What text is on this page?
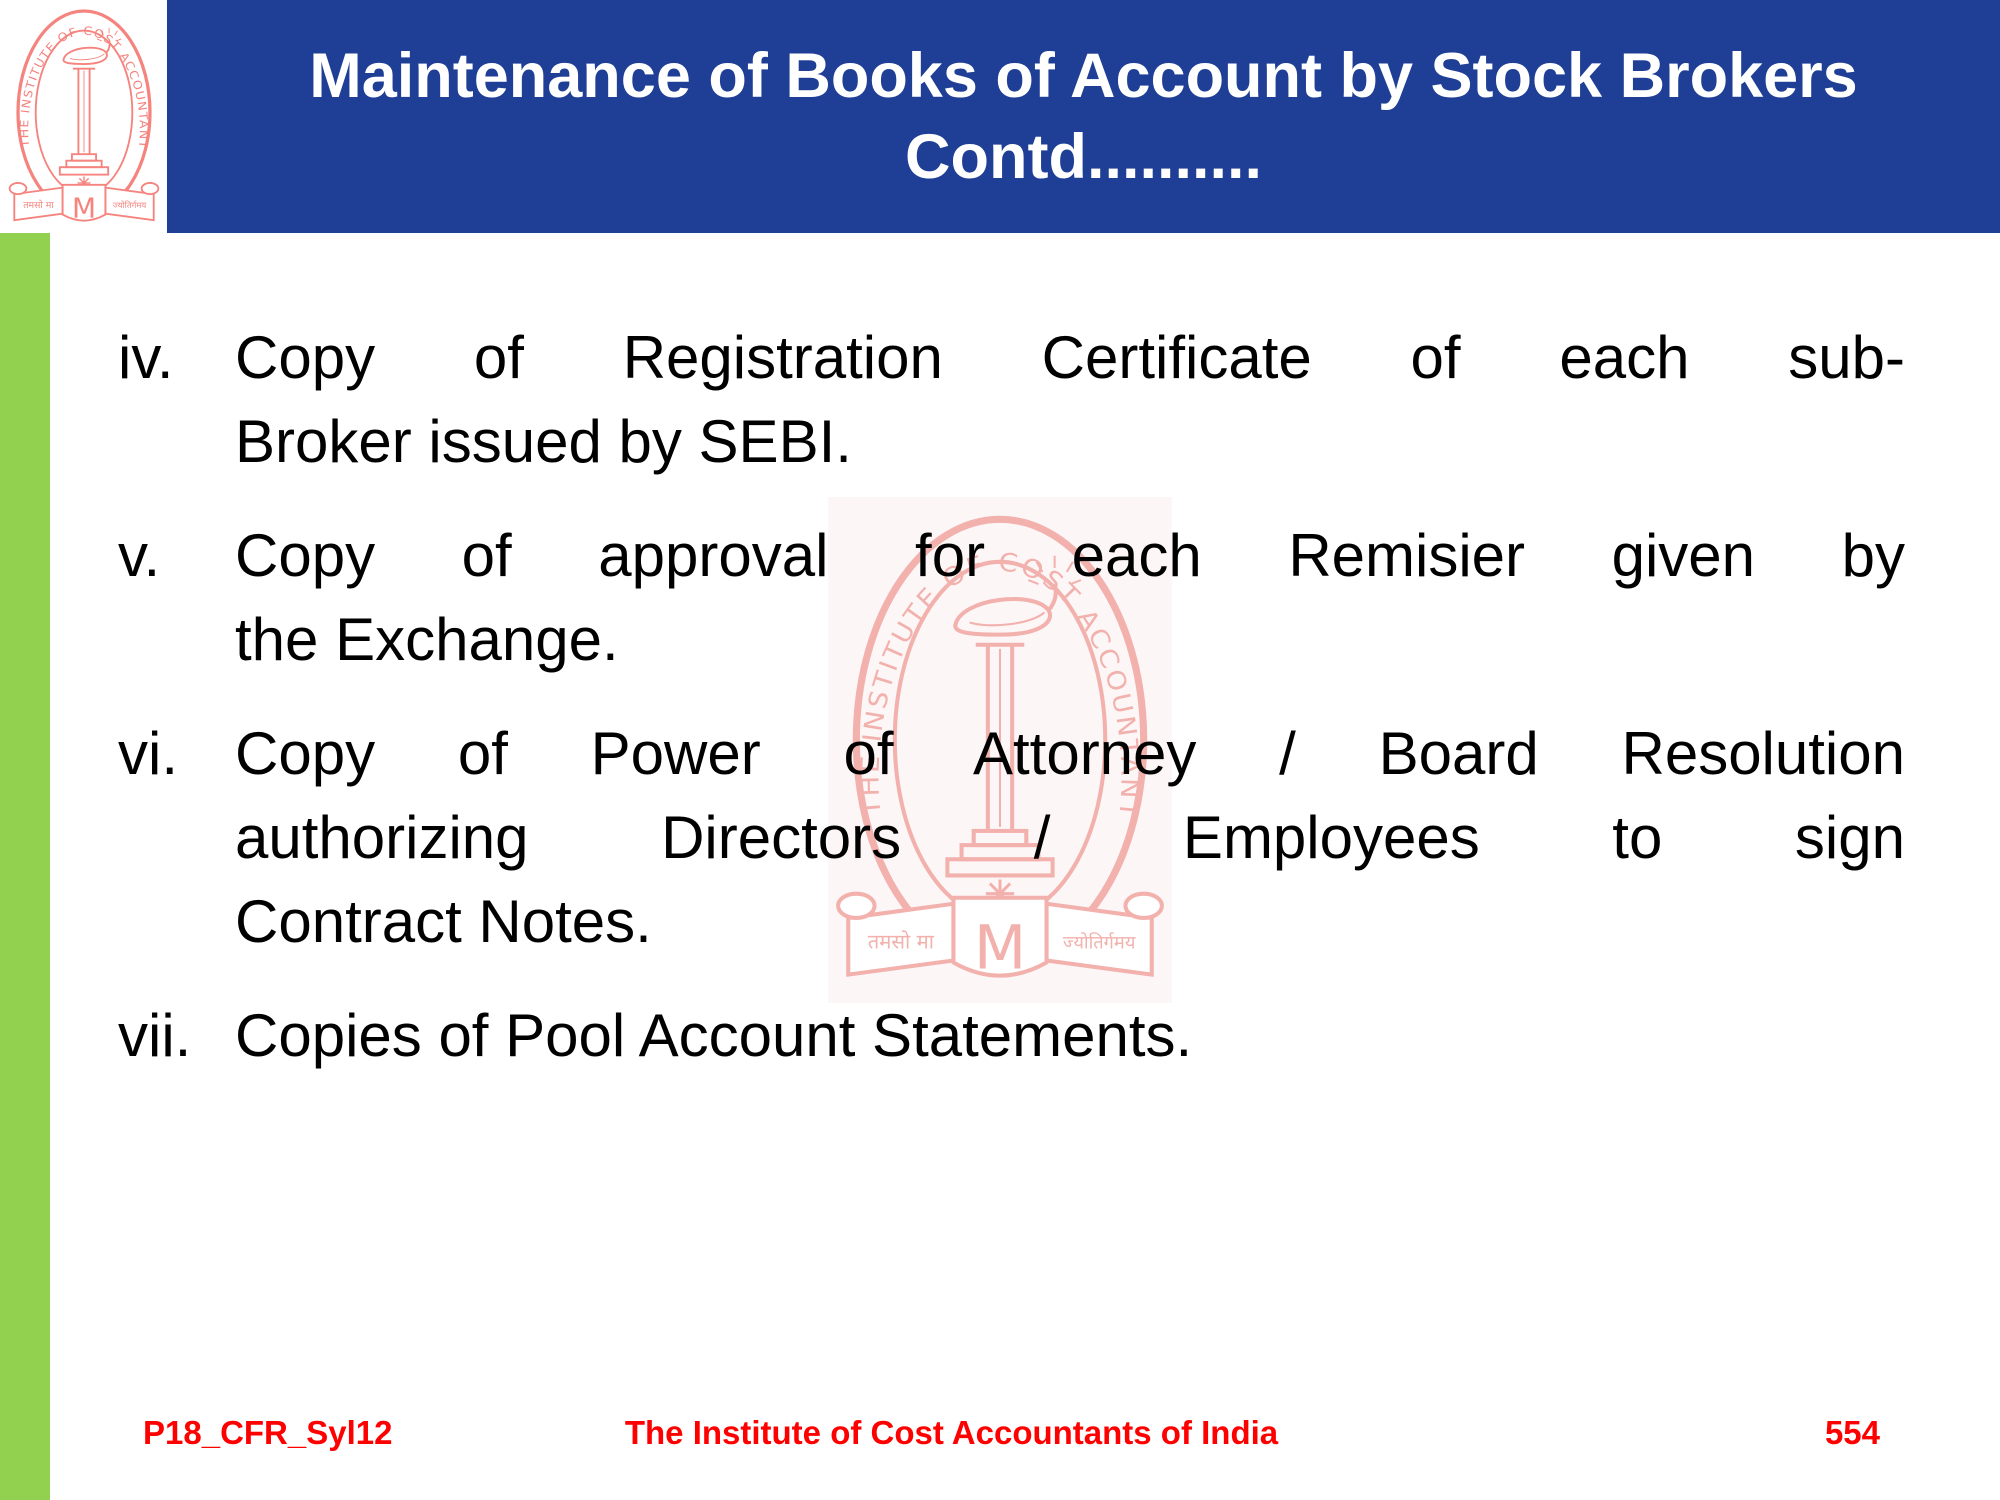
Maintenance of Books of Account by Stock Brokers
Contd..........
iv.	Copy of Registration Certificate of each sub-
Broker issued by SEBI.
v.	Copy of approval for each Remisier given by
the Exchange.
vi. Copy of Power of Attorney / Board Resolution
authorizing Directors / Employees to sign
Contract Notes.
vii. Copies of Pool Account Statements.
P18_CFR_Syl12	The Institute of Cost Accountants of India	554
